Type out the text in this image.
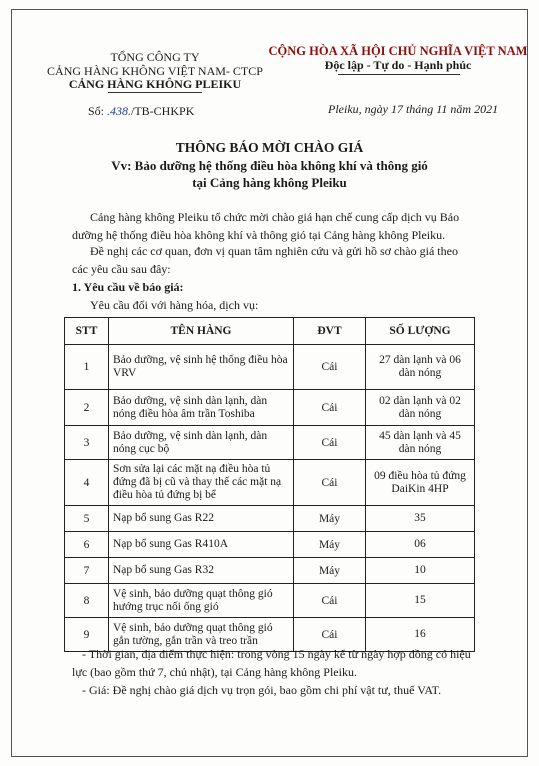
TỔNG CÔNG TY
CẢNG HÀNG KHÔNG VIỆT NAM- CTCP
CẢNG HÀNG KHÔNG PLEIKU
CỘNG HÒA XÃ HỘI CHỦ NGHĨA VIỆT NAM
Độc lập - Tự do - Hạnh phúc
Số: .438./TB-CHKPK	Pleiku, ngày 17 tháng 11 năm 2021
THÔNG BÁO MỜI CHÀO GIÁ
Vv: Bảo dưỡng hệ thống điều hòa không khí và thông gió
tại Cảng hàng không Pleiku
Cảng hàng không Pleiku tổ chức mời chào giá hạn chế cung cấp dịch vụ Bảo dưỡng hệ thống điều hòa không khí và thông gió tại Cảng hàng không Pleiku.
Đề nghị các cơ quan, đơn vị quan tâm nghiên cứu và gửi hồ sơ chào giá theo các yêu cầu sau đây:
1. Yêu cầu về báo giá:
Yêu cầu đối với hàng hóa, dịch vụ:
STT	TÊN HÀNG	ĐVT	SỐ LƯỢNG
1	Bảo dưỡng, vệ sinh hệ thống điều hòa VRV	Cái	27 dàn lạnh và 06 dàn nóng
2	Bảo dưỡng, vệ sinh dàn lạnh, dàn nóng điều hòa âm trần Toshiba	Cái	02 dàn lạnh và 02 dàn nóng
3	Bảo dưỡng, vệ sinh dàn lạnh, dàn nóng cục bộ	Cái	45 dàn lạnh và 45 dàn nóng
4	Sơn sửa lại các mặt nạ điều hòa tủ đứng đã bị cũ và thay thế các mặt nạ điều hòa tủ đứng bị bể	Cái	09 điều hòa tủ đứng DaiKin 4HP
5	Nạp bổ sung Gas R22	Máy	35
6	Nạp bổ sung Gas R410A	Máy	06
7	Nạp bổ sung Gas R32	Máy	10
8	Vệ sinh, bảo dưỡng quạt thông gió hướng trục nối ống gió	Cái	15
9	Vệ sinh, bảo dưỡng quạt thông gió gắn tường, gắn trần và treo trần	Cái	16
- Thời gian, địa điểm thực hiện: trong vòng 15 ngày kể từ ngày hợp đồng có hiệu lực (bao gồm thứ 7, chủ nhật), tại Cảng hàng không Pleiku.
- Giá: Đề nghị chào giá dịch vụ trọn gói, bao gồm chi phí vật tư, thuế VAT.
